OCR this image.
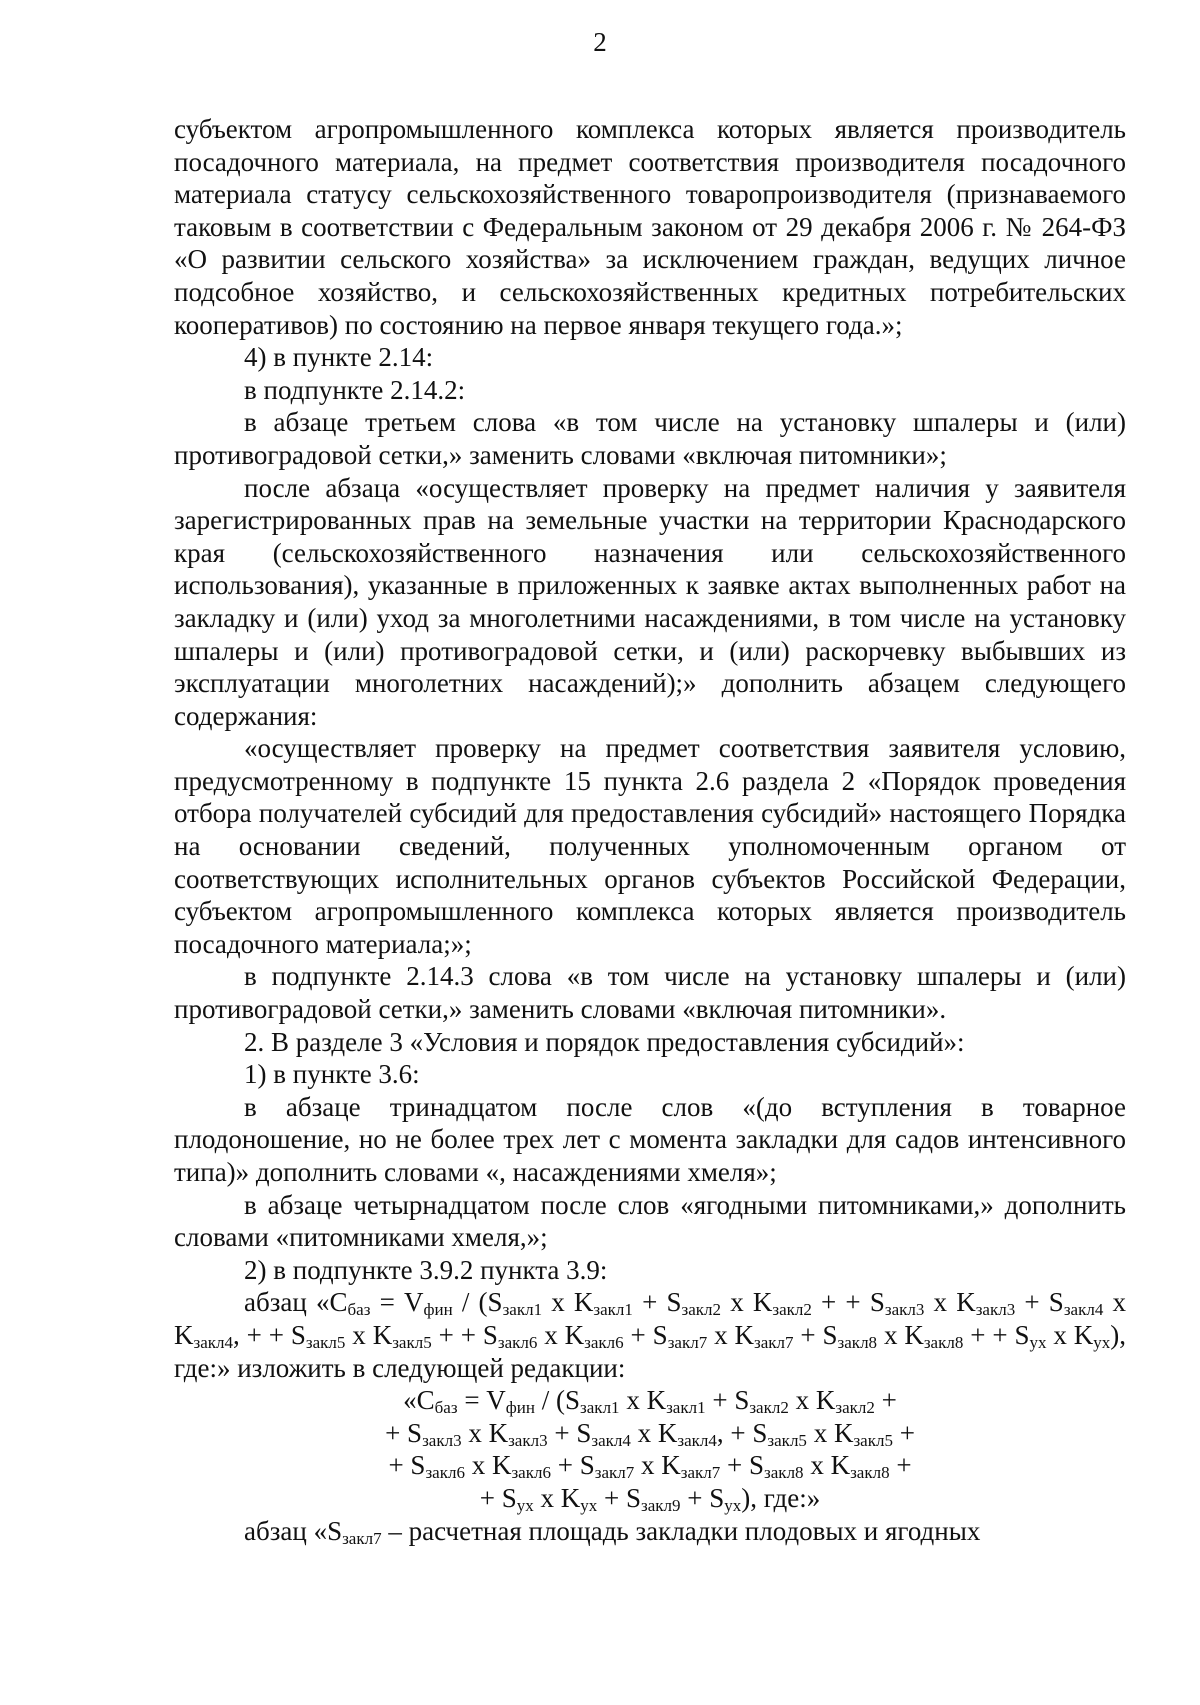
2

субъектом агропромышленного комплекса которых является производитель посадочного материала, на предмет соответствия производителя посадочного материала статусу сельскохозяйственного товаропроизводителя (признаваемого таковым в соответствии с Федеральным законом от 29 декабря 2006 г. № 264-ФЗ «О развитии сельского хозяйства» за исключением граждан, ведущих личное подсобное хозяйство, и сельскохозяйственных кредитных потребительских кооперативов) по состоянию на первое января текущего года.»;

4) в пункте 2.14:

в подпункте 2.14.2:

в абзаце третьем слова «в том числе на установку шпалеры и (или) противоградовой сетки,» заменить словами «включая питомники»;

после абзаца «осуществляет проверку на предмет наличия у заявителя зарегистрированных прав на земельные участки на территории Краснодарского края (сельскохозяйственного назначения или сельскохозяйственного использования), указанные в приложенных к заявке актах выполненных работ на закладку и (или) уход за многолетними насаждениями, в том числе на установку шпалеры и (или) противоградовой сетки, и (или) раскорчевку выбывших из эксплуатации многолетних насаждений);» дополнить абзацем следующего содержания:

«осуществляет проверку на предмет соответствия заявителя условию, предусмотренному в подпункте 15 пункта 2.6 раздела 2 «Порядок проведения отбора получателей субсидий для предоставления субсидий» настоящего Порядка на основании сведений, полученных уполномоченным органом от соответствующих исполнительных органов субъектов Российской Федерации, субъектом агропромышленного комплекса которых является производитель посадочного материала;»;

в подпункте 2.14.3 слова «в том числе на установку шпалеры и (или) противоградовой сетки,» заменить словами «включая питомники».

2. В разделе 3 «Условия и порядок предоставления субсидий»:

1) в пункте 3.6:

в абзаце тринадцатом после слов «(до вступления в товарное плодоношение, но не более трех лет с момента закладки для садов интенсивного типа)» дополнить словами «, насаждениями хмеля»;

в абзаце четырнадцатом после слов «ягодными питомниками,» дополнить словами «питомниками хмеля,»;

2) в подпункте 3.9.2 пункта 3.9:

абзац «$С_{баз} = V_{фин} / (S_{закл1}$ x $K_{закл1} + S_{закл2}$ x $K_{закл2}$ + + $S_{закл3}$ x $K_{закл3} + S_{закл4}$ x $K_{закл4}$, + + $S_{закл5}$ x $K_{закл5}$ + + $S_{закл6}$ x $K_{закл6} + S_{закл7}$ x $K_{закл7} + S_{закл8}$ x $K_{закл8}$ + + $S_{ух}$ x $K_{ух}$), где:» изложить в следующей редакции:

«$С_{баз} = V_{фин} / (S_{закл1}$ x $K_{закл1} + S_{закл2}$ x $K_{закл2}$ +

+ $S_{закл3}$ x $K_{закл3} + S_{закл4}$ x $K_{закл4}$, + $S_{закл5}$ x $K_{закл5}$ +

+ $S_{закл6}$ x $K_{закл6} + S_{закл7}$ x $K_{закл7} + S_{закл8}$ x $K_{закл8}$ +

+ $S_{ух}$ x $K_{ух} + S_{закл9} + S_{ух}$), где:»

абзац «$S_{закл7}$ – расчетная площадь закладки плодовых и ягодных
